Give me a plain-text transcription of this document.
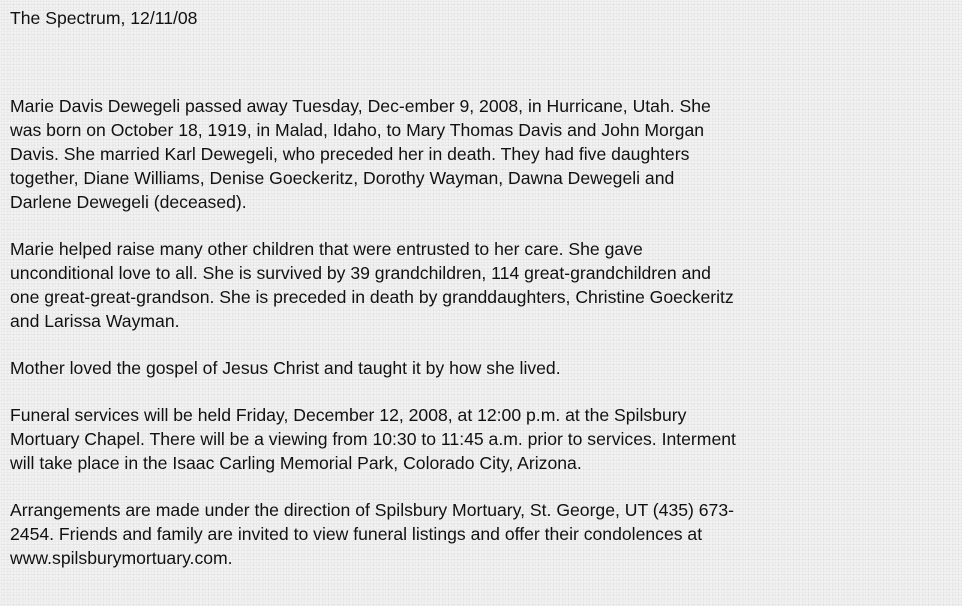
The Spectrum, 12/11/08

Marie Davis Dewegeli passed away Tuesday, Dec-ember 9, 2008, in Hurricane, Utah. She
was born on October 18, 1919, in Malad, Idaho, to Mary Thomas Davis and John Morgan
Davis. She married Karl Dewegeli, who preceded her in death. They had five daughters
together, Diane Williams, Denise Goeckeritz, Dorothy Wayman, Dawna Dewegeli and
Darlene Dewegeli (deceased).

Marie helped raise many other children that were entrusted to her care. She gave
unconditional love to all. She is survived by 39 grandchildren, 114 great-grandchildren and
one great-great-grandson. She is preceded in death by granddaughters, Christine Goeckeritz
and Larissa Wayman.

Mother loved the gospel of Jesus Christ and taught it by how she lived.

Funeral services will be held Friday, December 12, 2008, at 12:00 p.m. at the Spilsbury
Mortuary Chapel. There will be a viewing from 10:30 to 11:45 a.m. prior to services. Interment
will take place in the Isaac Carling Memorial Park, Colorado City, Arizona.

Arrangements are made under the direction of Spilsbury Mortuary, St. George, UT (435) 673-
2454. Friends and family are invited to view funeral listings and offer their condolences at
www.spilsburymortuary.com.
